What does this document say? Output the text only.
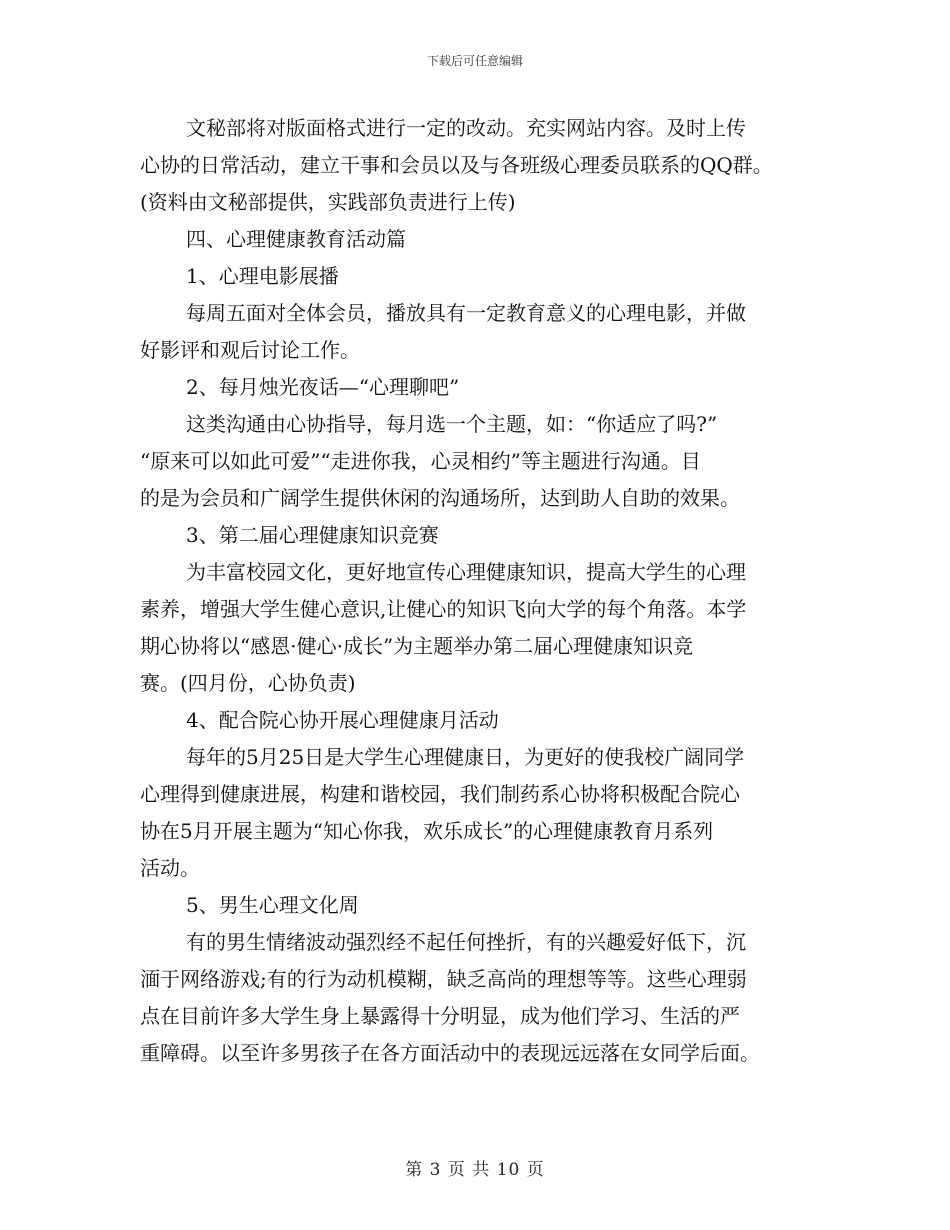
下载后可任意编辑
文秘部将对版面格式进行一定的改动。充实网站内容。及时上传
心协的日常活动，建立干事和会员以及与各班级心理委员联系的QQ群。
(资料由文秘部提供，实践部负责进行上传)
四、心理健康教育活动篇
1、心理电影展播
每周五面对全体会员，播放具有一定教育意义的心理电影，并做
好影评和观后讨论工作。
2、每月烛光夜话—“心理聊吧”
这类沟通由心协指导，每月选一个主题，如：“你适应了吗?”
“原来可以如此可爱”“走进你我，心灵相约”等主题进行沟通。目
的是为会员和广阔学生提供休闲的沟通场所，达到助人自助的效果。
3、第二届心理健康知识竞赛
为丰富校园文化，更好地宣传心理健康知识，提高大学生的心理
素养，增强大学生健心意识,让健心的知识飞向大学的每个角落。本学
期心协将以“感恩·健心·成长”为主题举办第二届心理健康知识竞
赛。(四月份，心协负责)
4、配合院心协开展心理健康月活动
每年的5月25日是大学生心理健康日，为更好的使我校广阔同学
心理得到健康进展，构建和谐校园，我们制药系心协将积极配合院心
协在5月开展主题为“知心你我，欢乐成长”的心理健康教育月系列
活动。
5、男生心理文化周
有的男生情绪波动强烈经不起任何挫折，有的兴趣爱好低下，沉
湎于网络游戏;有的行为动机模糊，缺乏高尚的理想等等。这些心理弱
点在目前许多大学生身上暴露得十分明显，成为他们学习、生活的严
重障碍。以至许多男孩子在各方面活动中的表现远远落在女同学后面。
第 3 页 共 10 页
